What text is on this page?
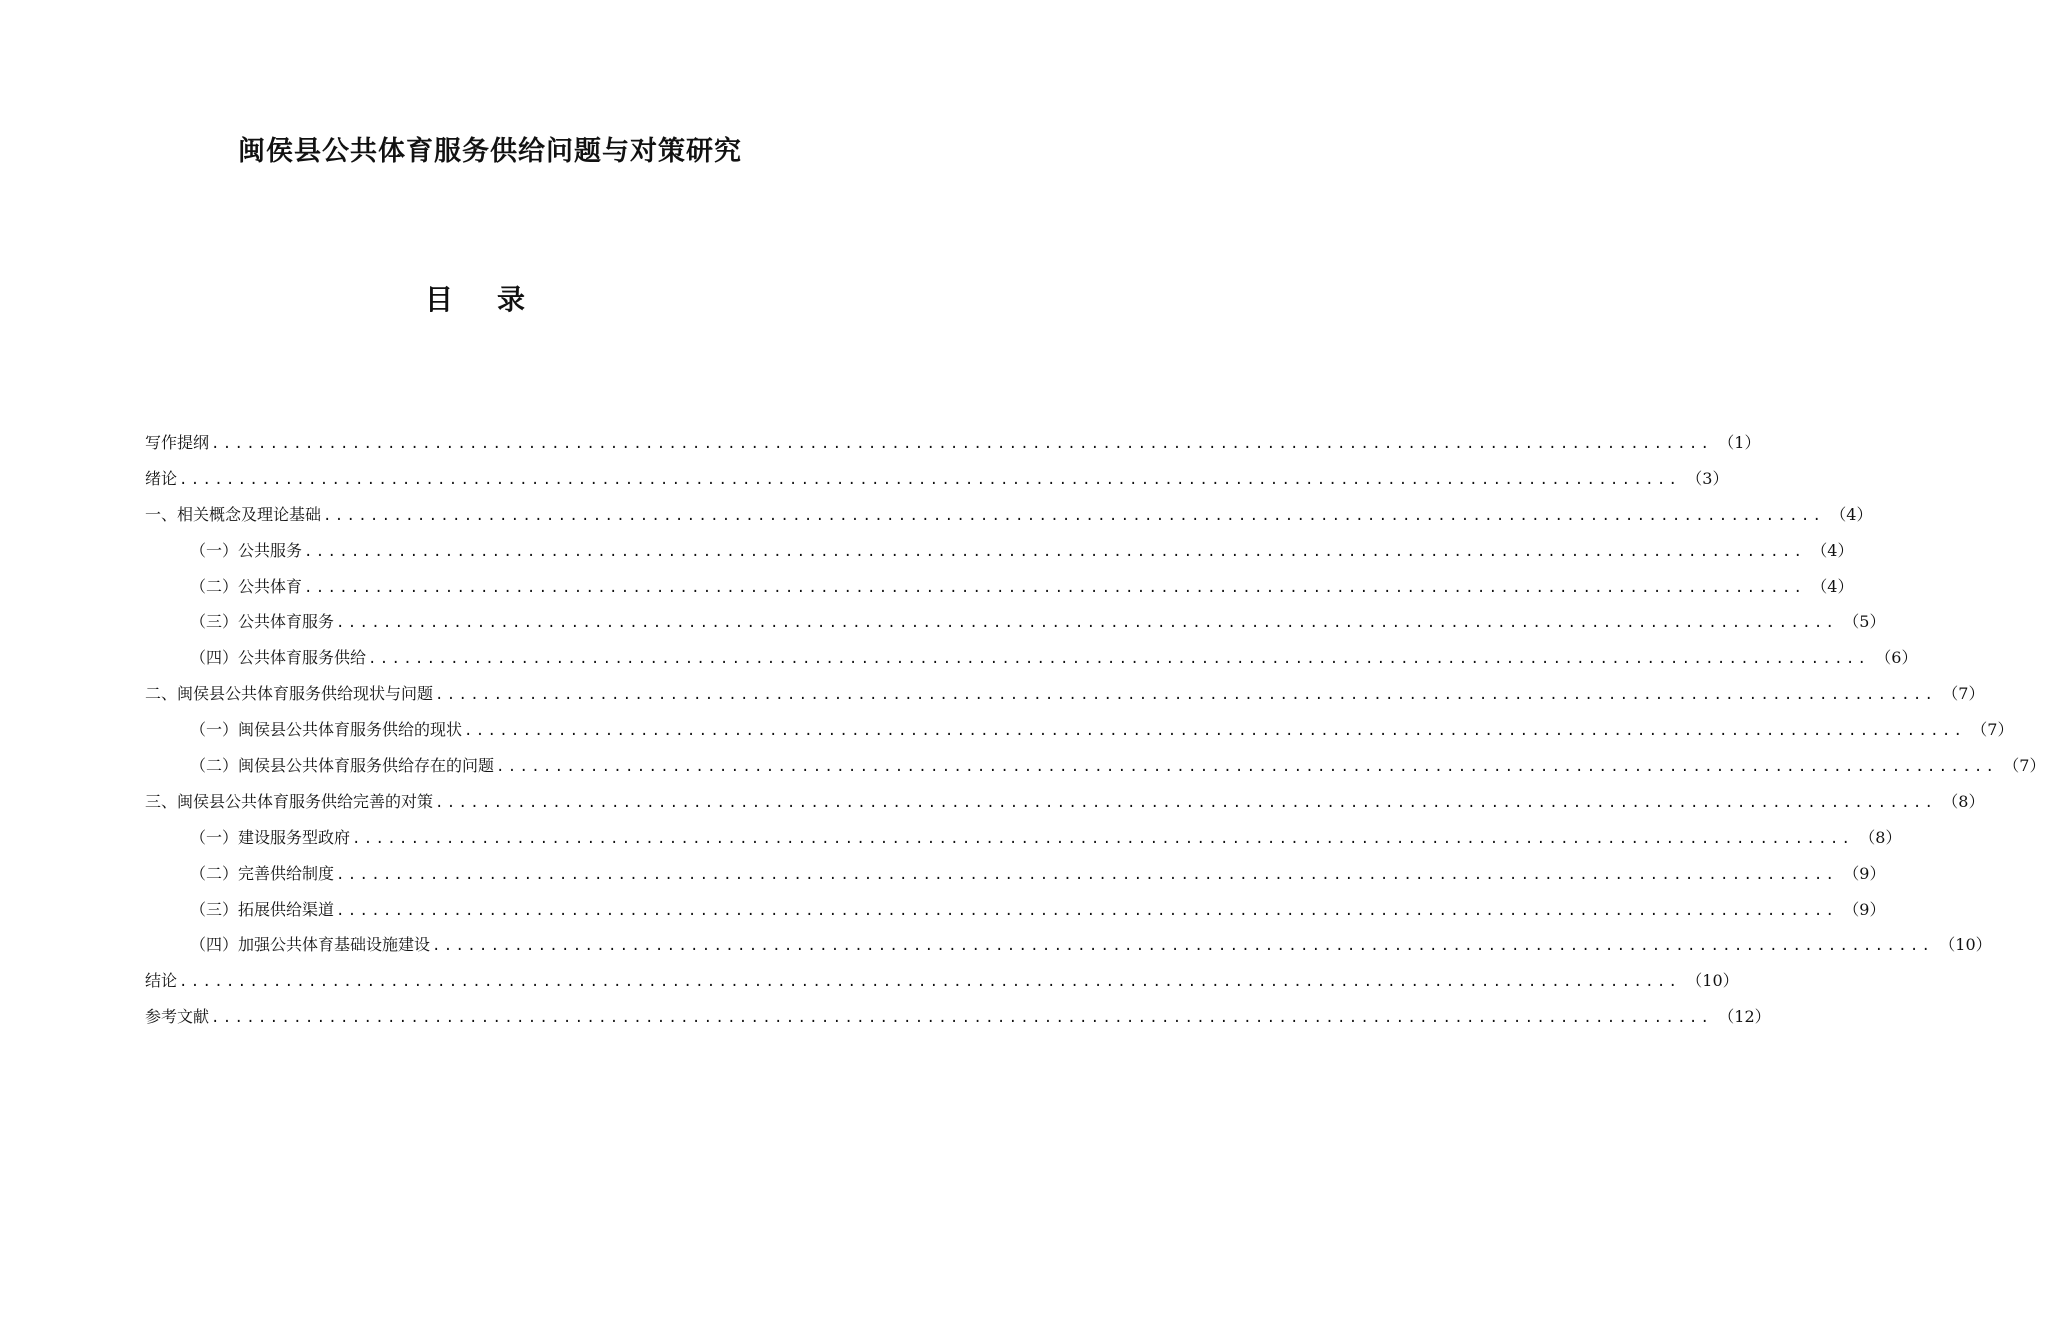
闽侯县公共体育服务供给问题与对策研究
目 录
写作提纲 ................................................................................................................................ （1）
绪论 ................................................................................................................................ （3）
一、相关概念及理论基础 ................................................................................................................................ （4）
（一）公共服务 ................................................................................................................................ （4）
（二）公共体育 ................................................................................................................................ （4）
（三）公共体育服务 ................................................................................................................................ （5）
（四）公共体育服务供给 ................................................................................................................................ （6）
二、闽侯县公共体育服务供给现状与问题 ................................................................................................................................ （7）
（一）闽侯县公共体育服务供给的现状 ................................................................................................................................ （7）
（二）闽侯县公共体育服务供给存在的问题 ................................................................................................................................ （7）
三、闽侯县公共体育服务供给完善的对策 ................................................................................................................................ （8）
（一）建设服务型政府 ................................................................................................................................ （8）
（二）完善供给制度 ................................................................................................................................ （9）
（三）拓展供给渠道 ................................................................................................................................ （9）
（四）加强公共体育基础设施建设 ................................................................................................................................ （10）
结论 ................................................................................................................................ （10）
参考文献 ................................................................................................................................ （12）
